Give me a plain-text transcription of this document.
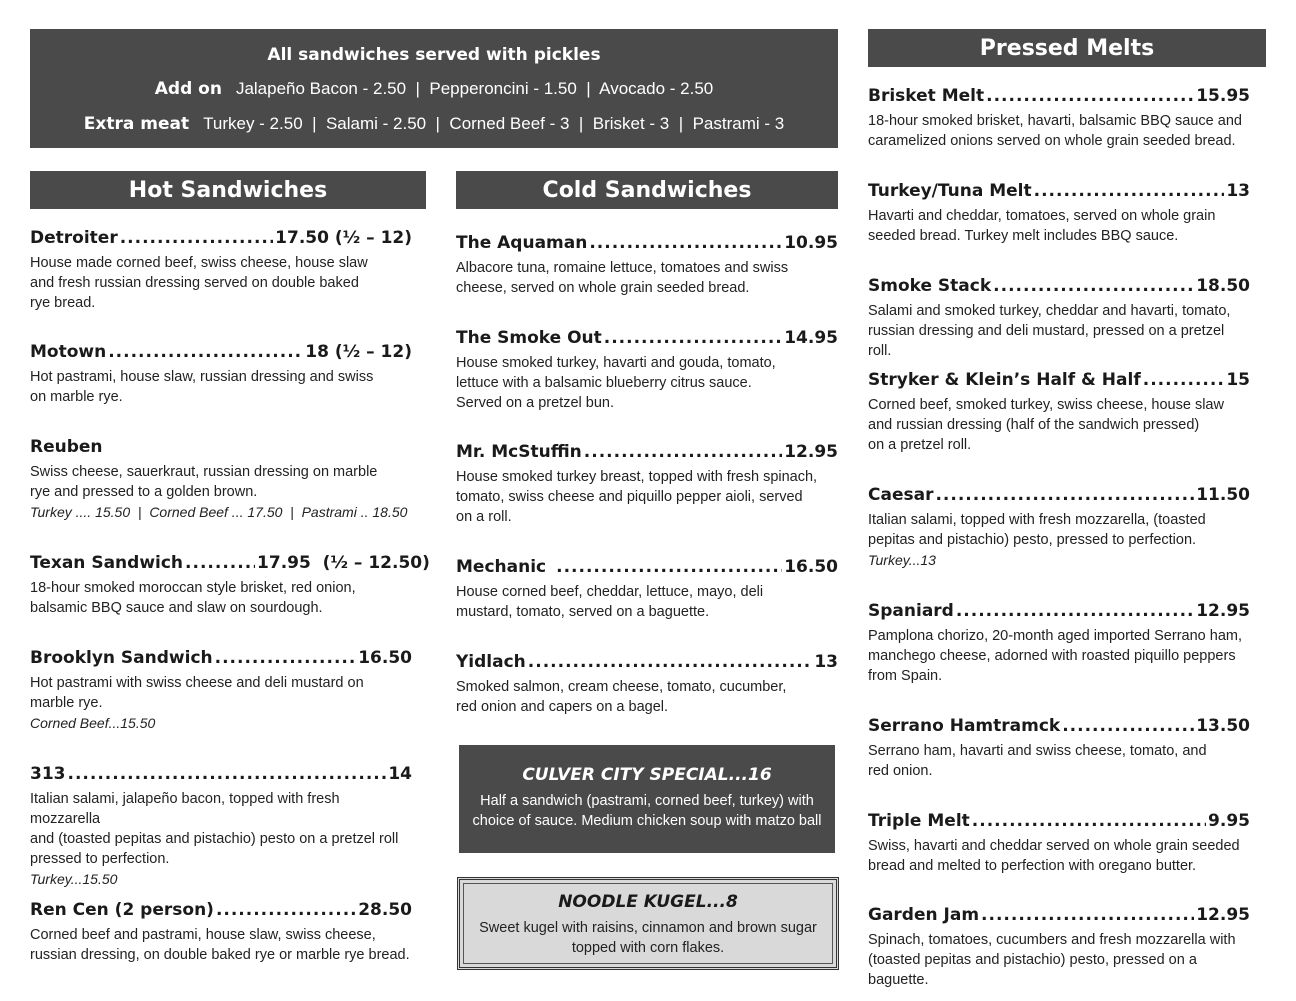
All sandwiches served with pickles
Add on Jalapeño Bacon - 2.50  |  Pepperoncini - 1.50  |  Avocado - 2.50
Extra meat Turkey - 2.50  |  Salami - 2.50  |  Corned Beef - 3  |  Brisket - 3  |  Pastrami - 3
Hot Sandwiches	Cold Sandwiches
Pressed Melts
Detroiter .....	17.50 (½ – 12)
House made corned beef, swiss cheese, house slaw
and fresh russian dressing served on double baked
rye bread.
Motown .....	18 (½ – 12)
Hot pastrami, house slaw, russian dressing and swiss
on marble rye.
Reuben
Swiss cheese, sauerkraut, russian dressing on marble
rye and pressed to a golden brown.
Turkey .... 15.50  |  Corned Beef ... 17.50  |  Pastrami .. 18.50
Texan Sandwich .....	17.95  (½ – 12.50)
18-hour smoked moroccan style brisket, red onion,
balsamic BBQ sauce and slaw on sourdough.
Brooklyn Sandwich .....	16.50
Hot pastrami with swiss cheese and deli mustard on
marble rye.
Corned Beef...15.50
313 .....	14
Italian salami, jalapeño bacon, topped with fresh mozzarella
and (toasted pepitas and pistachio) pesto on a pretzel roll
pressed to perfection.
Turkey...15.50
Ren Cen (2 person) .....	28.50
Corned beef and pastrami, house slaw, swiss cheese,
russian dressing, on double baked rye or marble rye bread.
The Aquaman .....	10.95
Albacore tuna, romaine lettuce, tomatoes and swiss
cheese, served on whole grain seeded bread.
The Smoke Out .....	14.95
House smoked turkey, havarti and gouda, tomato,
lettuce with a balsamic blueberry citrus sauce.
Served on a pretzel bun.
Mr. McStuffin .....	12.95
House smoked turkey breast, topped with fresh spinach,
tomato, swiss cheese and piquillo pepper aioli, served
on a roll.
Mechanic .....	16.50
House corned beef, cheddar, lettuce, mayo, deli
mustard, tomato, served on a baguette.
Yidlach .....	13
Smoked salmon, cream cheese, tomato, cucumber,
red onion and capers on a bagel.
CULVER CITY SPECIAL...16
Half a sandwich (pastrami, corned beef, turkey) with
choice of sauce. Medium chicken soup with matzo ball
NOODLE KUGEL...8
Sweet kugel with raisins, cinnamon and brown sugar
topped with corn flakes.
Brisket Melt .....	15.95
18-hour smoked brisket, havarti, balsamic BBQ sauce and
caramelized onions served on whole grain seeded bread.
Turkey/Tuna Melt .....	13
Havarti and cheddar, tomatoes, served on whole grain
seeded bread. Turkey melt includes BBQ sauce.
Smoke Stack .....	18.50
Salami and smoked turkey, cheddar and havarti, tomato,
russian dressing and deli mustard, pressed on a pretzel roll.
Stryker & Klein’s Half & Half .....	15
Corned beef, smoked turkey, swiss cheese, house slaw
and russian dressing (half of the sandwich pressed)
on a pretzel roll.
Caesar .....	11.50
Italian salami, topped with fresh mozzarella, (toasted
pepitas and pistachio) pesto, pressed to perfection.
Turkey...13
Spaniard .....	12.95
Pamplona chorizo, 20-month aged imported Serrano ham,
manchego cheese, adorned with roasted piquillo peppers
from Spain.
Serrano Hamtramck .....	13.50
Serrano ham, havarti and swiss cheese, tomato, and
red onion.
Triple Melt .....	9.95
Swiss, havarti and cheddar served on whole grain seeded
bread and melted to perfection with oregano butter.
Garden Jam .....	12.95
Spinach, tomatoes, cucumbers and fresh mozzarella with
(toasted pepitas and pistachio) pesto, pressed on a baguette.
